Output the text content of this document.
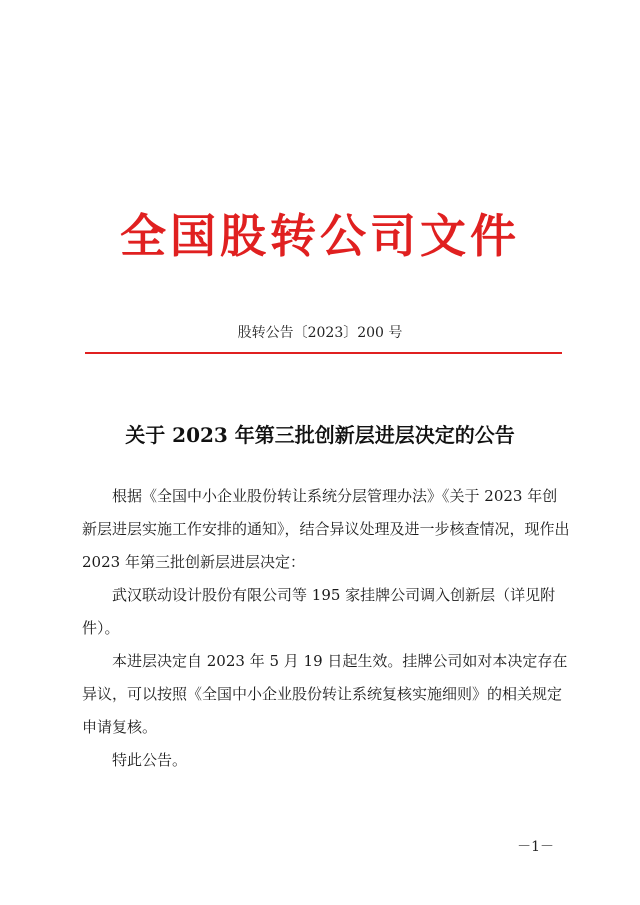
全国股转公司文件
股转公告〔2023〕200 号
关于 2023 年第三批创新层进层决定的公告

根据《全国中小企业股份转让系统分层管理办法》《关于 2023 年创新层进层实施工作安排的通知》，结合异议处理及进一步核查情况，现作出 2023 年第三批创新层进层决定：

武汉联动设计股份有限公司等 195 家挂牌公司调入创新层（详见附件）。

本进层决定自 2023 年 5 月 19 日起生效。挂牌公司如对本决定存在异议，可以按照《全国中小企业股份转让系统复核实施细则》的相关规定申请复核。

特此公告。

－1－
